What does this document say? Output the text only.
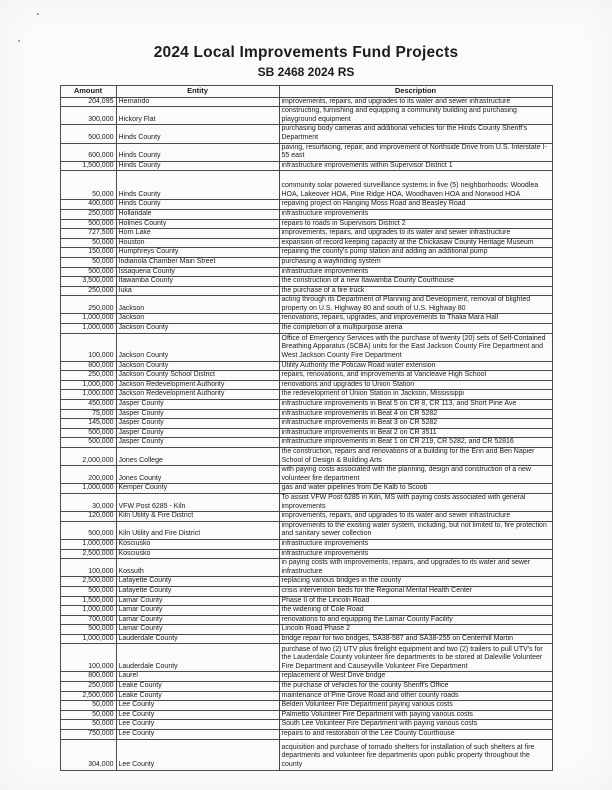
2024 Local Improvements Fund Projects
SB 2468 2024 RS
Amount	Entity	Description
204,095	Hernando	improvements, repairs, and upgrades to its water and sewer infrastructure
300,000	Hickory Flat	constructing, furnishing and equipping a community building and purchasing playground equipment
500,000	Hinds County	purchasing body cameras and additional vehicles for the Hinds County Sheriff's Department
600,000	Hinds County	paving, resurfacing, repair, and improvement of Northside Drive from U.S. Interstate I-55 east
1,500,000	Hinds County	infrastructure improvements within Supervisor District 1
50,000	Hinds County	community solar powered surveillance systems in five (5) neighborhoods: Woodlea HOA, Lakeover HOA, Pine Ridge HOA, Woodhaven HOA and Norwood HOA
400,000	Hinds County	repaving project on Hanging Moss Road and Beasley Road
250,000	Hollandale	infrastructure improvements
500,000	Holmes County	repairs to roads in Supervisors District 2
727,500	Horn Lake	improvements, repairs, and upgrades to its water and sewer infrastructure
50,000	Houston	expansion of record keeping capacity at the Chickasaw County Heritage Museum
150,000	Humphreys County	repairing the county's pump station and adding an additional pump
50,000	Indianola Chamber Main Street	purchasing a wayfinding system
500,000	Issaquena County	infrastructure improvements
3,500,000	Itawamba County	the construction of a new Itawamba County Courthouse
250,000	Iuka	the purchase of a fire truck
250,000	Jackson	acting through its Department of Planning and Development, removal of blighted property on U.S. Highway 80 and south of U.S. Highway 80
1,000,000	Jackson	renovations, repairs, upgrades, and improvements to Thalia Mara Hall
1,000,000	Jackson County	the completion of a multipurpose arena
100,000	Jackson County	Office of Emergency Services with the purchase of twenty (20) sets of Self-Contained Breathing Apparatus (SCBA) units for the East Jackson County Fire Department and West Jackson County Fire Department
800,000	Jackson County	Utility Authority the Poticaw Road water extension
250,000	Jackson County School District	repairs, renovations, and improvements at Vancleave High School
1,000,000	Jackson Redevelopment Authority	renovations and upgrades to Union Station
1,000,000	Jackson Redevelopment Authority	the redevelopment of Union Station in Jackson, Mississippi
450,000	Jasper County	infrastructure improvements in Beat 5 on CR 8, CR 113, and Short Pine Ave
75,000	Jasper County	infrastructure improvements in Beat 4 on CR 5282
145,000	Jasper County	infrastructure improvements in Beat 3 on CR 5282
500,000	Jasper County	infrastructure improvements in Beat 2 on CR 3511
500,000	Jasper County	infrastructure improvements in Beat 1 on CR 219, CR 5282, and CR 52816
2,000,000	Jones College	the construction, repairs and renovations of a building for the Erin and Ben Napier School of Design & Building Arts
200,000	Jones County	with paying costs associated with the planning, design and construction of a new volunteer fire department
1,000,000	Kemper County	gas and water pipelines from De Kalb to Scoob
30,000	VFW Post 6285 - Kiln	To assist VFW Post 6285 in Kiln, MS with paying costs associated with general improvements
120,000	Kiln Utility & Fire District	improvements, repairs, and upgrades to its water and sewer infrastructure
500,000	Kiln Utility and Fire District	improvements to the existing water system, including, but not limited to, fire protection and sanitary sewer collection
1,000,000	Kosciusko	infrastructure improvements
2,500,000	Kosciusko	infrastructure improvements
100,000	Kossuth	in paying costs with improvements, repairs, and upgrades to its water and sewer infrastructure
2,500,000	Lafayette County	replacing various bridges in the county
500,000	Lafayette County	crisis intervention beds for the Regional Mental Health Center
1,500,000	Lamar County	Phase II of the Lincoln Road
1,000,000	Lamar County	the widening of Cole Road
700,000	Lamar County	renovations to and equipping the Lamar County Facility
500,000	Lamar County	Lincoln Road Phase 2
1,000,000	Lauderdale County	bridge repair for two bridges, SA38-587 and SA38-255 on Centerhill Martin
100,000	Lauderdale County	purchase of two (2) UTV plus firelight equipment and two (2) trailers to pull UTV's for the Lauderdale County volunteer fire departments to be stored at Daleville Volunteer Fire Department and Causeyville Volunteer Fire Department
800,000	Laurel	replacement of West Drive bridge
250,000	Leake County	the purchase of vehicles for the county Sheriff's Office
2,500,000	Leake County	maintenance of Pine Grove Road and other county roads
50,000	Lee County	Belden Volunteer Fire Department paying various costs
50,000	Lee County	Palmetto Volunteer Fire Department with paying various costs
50,000	Lee County	South Lee Volunteer Fire Department with paying various costs
750,000	Lee County	repairs to and restoration of the Lee County Courthouse
304,000	Lee County	acquisition and purchase of tornado shelters for installation of such shelters at fire departments and volunteer fire departments upon public property throughout the county
